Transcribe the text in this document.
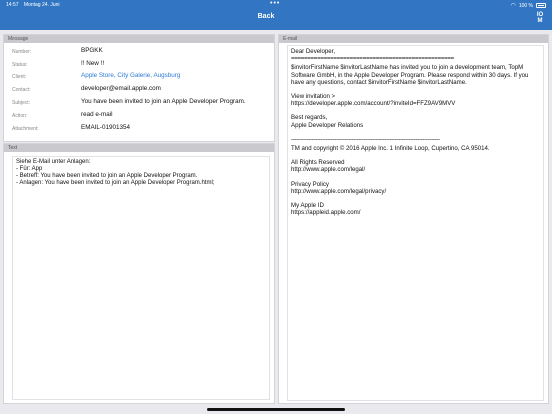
14:57 Montag 24. Juni	•••	◠ 100 %
Back	IO
M
Message
Number:	BPGKK
Status:	!! New !!
Client:	Apple Store, City Galerie, Augsburg
Contact:	developer@email.apple.com
Subject:	You have been invited to join an Apple Developer Program.
Action:	read e-mail
Attachment:	EMAIL-01901354
Text
Siehe E-Mail unter Anlagen:
- Für: App
- Betreff: You have been invited to join an Apple Developer Program.
- Anlagen: You have been invited to join an Apple Developer Program.html;
E-mail
Dear Developer,

==================================================

$invitorFirstName $invitorLastName has invited you to join a development team, TopM Software GmbH, in the Apple Developer Program. Please respond within 30 days. If you have any questions, contact $invitorFirstName $invitorLastName.

View invitation >

https://developer.apple.com/account/?inviteId=FFZ9AV9MVV

Best regards,

Apple Developer Relations

--------------------------------------------------------------------------------------

TM and copyright © 2016 Apple Inc. 1 Infinite Loop, Cupertino, CA 95014.

All Rights Reserved

http://www.apple.com/legal/

Privacy Policy

http://www.apple.com/legal/privacy/

My Apple ID

https://appleid.apple.com/
